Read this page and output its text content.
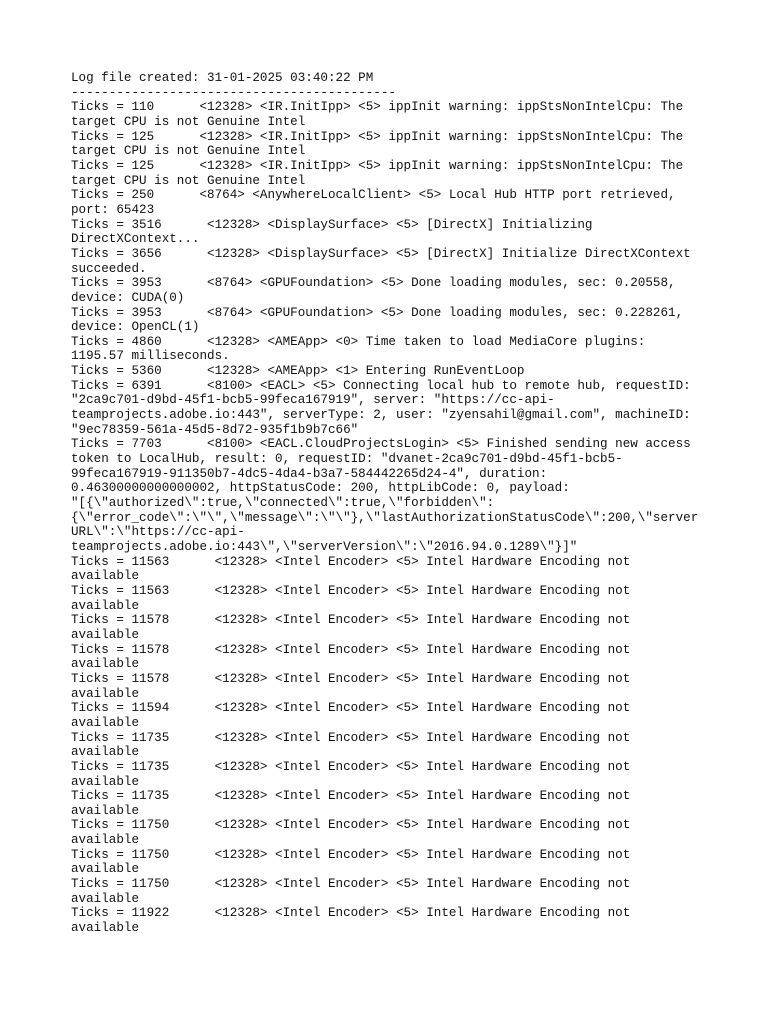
Log file created: 31-01-2025 03:40:22 PM
-------------------------------------------
Ticks = 110      <12328> <IR.InitIpp> <5> ippInit warning: ippStsNonIntelCpu: The
target CPU is not Genuine Intel
Ticks = 125      <12328> <IR.InitIpp> <5> ippInit warning: ippStsNonIntelCpu: The
target CPU is not Genuine Intel
Ticks = 125      <12328> <IR.InitIpp> <5> ippInit warning: ippStsNonIntelCpu: The
target CPU is not Genuine Intel
Ticks = 250      <8764> <AnywhereLocalClient> <5> Local Hub HTTP port retrieved,
port: 65423
Ticks = 3516      <12328> <DisplaySurface> <5> [DirectX] Initializing
DirectXContext...
Ticks = 3656      <12328> <DisplaySurface> <5> [DirectX] Initialize DirectXContext
succeeded.
Ticks = 3953      <8764> <GPUFoundation> <5> Done loading modules, sec: 0.20558,
device: CUDA(0)
Ticks = 3953      <8764> <GPUFoundation> <5> Done loading modules, sec: 0.228261,
device: OpenCL(1)
Ticks = 4860      <12328> <AMEApp> <0> Time taken to load MediaCore plugins:
1195.57 milliseconds.
Ticks = 5360      <12328> <AMEApp> <1> Entering RunEventLoop
Ticks = 6391      <8100> <EACL> <5> Connecting local hub to remote hub, requestID:
"2ca9c701-d9bd-45f1-bcb5-99feca167919", server: "https://cc-api-
teamprojects.adobe.io:443", serverType: 2, user: "zyensahil@gmail.com", machineID:
"9ec78359-561a-45d5-8d72-935f1b9b7c66"
Ticks = 7703      <8100> <EACL.CloudProjectsLogin> <5> Finished sending new access
token to LocalHub, result: 0, requestID: "dvanet-2ca9c701-d9bd-45f1-bcb5-
99feca167919-911350b7-4dc5-4da4-b3a7-584442265d24-4", duration:
0.46300000000000002, httpStatusCode: 200, httpLibCode: 0, payload:
"[{\"authorized\":true,\"connected\":true,\"forbidden\":
{\"error_code\":\"\",\"message\":\"\"},\"lastAuthorizationStatusCode\":200,\"server
URL\":\"https://cc-api-
teamprojects.adobe.io:443\",\"serverVersion\":\"2016.94.0.1289\"}]"
Ticks = 11563      <12328> <Intel Encoder> <5> Intel Hardware Encoding not
available
Ticks = 11563      <12328> <Intel Encoder> <5> Intel Hardware Encoding not
available
Ticks = 11578      <12328> <Intel Encoder> <5> Intel Hardware Encoding not
available
Ticks = 11578      <12328> <Intel Encoder> <5> Intel Hardware Encoding not
available
Ticks = 11578      <12328> <Intel Encoder> <5> Intel Hardware Encoding not
available
Ticks = 11594      <12328> <Intel Encoder> <5> Intel Hardware Encoding not
available
Ticks = 11735      <12328> <Intel Encoder> <5> Intel Hardware Encoding not
available
Ticks = 11735      <12328> <Intel Encoder> <5> Intel Hardware Encoding not
available
Ticks = 11735      <12328> <Intel Encoder> <5> Intel Hardware Encoding not
available
Ticks = 11750      <12328> <Intel Encoder> <5> Intel Hardware Encoding not
available
Ticks = 11750      <12328> <Intel Encoder> <5> Intel Hardware Encoding not
available
Ticks = 11750      <12328> <Intel Encoder> <5> Intel Hardware Encoding not
available
Ticks = 11922      <12328> <Intel Encoder> <5> Intel Hardware Encoding not
available
